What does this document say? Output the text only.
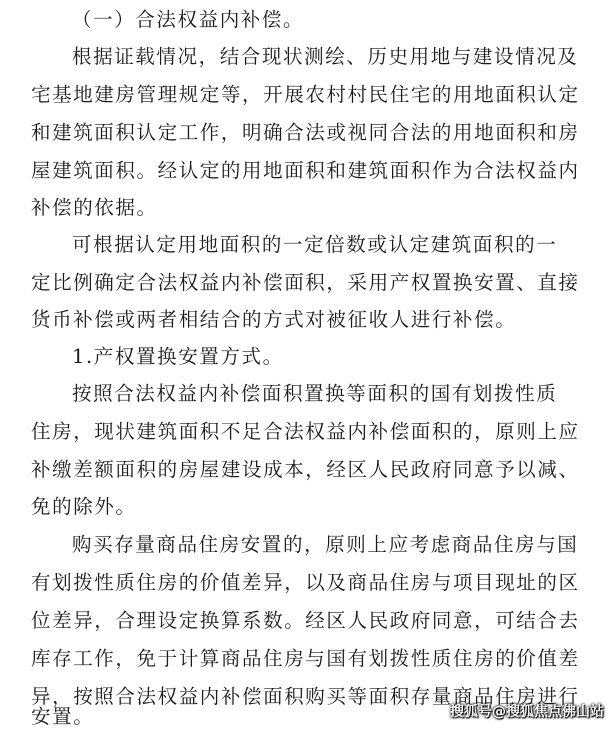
（一）合法权益内补偿。
根据证载情况，结合现状测绘、历史用地与建设情况及
宅基地建房管理规定等，开展农村村民住宅的用地面积认定
和建筑面积认定工作，明确合法或视同合法的用地面积和房
屋建筑面积。经认定的用地面积和建筑面积作为合法权益内
补偿的依据。
可根据认定用地面积的一定倍数或认定建筑面积的一
定比例确定合法权益内补偿面积，采用产权置换安置、直接
货币补偿或两者相结合的方式对被征收人进行补偿。
1.产权置换安置方式。
按照合法权益内补偿面积置换等面积的国有划拨性质
住房，现状建筑面积不足合法权益内补偿面积的，原则上应
补缴差额面积的房屋建设成本，经区人民政府同意予以减、
免的除外。
购买存量商品住房安置的，原则上应考虑商品住房与国
有划拨性质住房的价值差异，以及商品住房与项目现址的区
位差异，合理设定换算系数。经区人民政府同意，可结合去
库存工作，免于计算商品住房与国有划拨性质住房的价值差
异，按照合法权益内补偿面积购买等面积存量商品住房进行
安置。	搜狐号@搜狐焦点佛山站
